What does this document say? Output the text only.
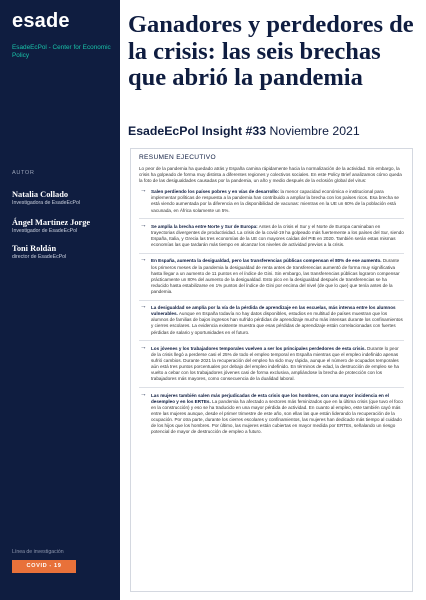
esade
EsadeEcPol - Center for Economic Policy
AUTOR
Natalia Collado
Investigadora de EsadeEcPol
Ángel Martínez Jorge
Investigador de EsadeEcPol
Toni Roldán
director de EsadeEcPol
Línea de investigación
COVID - 19
Ganadores y perdedores de la crisis: las seis brechas que abrió la pandemia
EsadeEcPol Insight #33 Noviembre 2021
RESUMEN EJECUTIVO

Lo peor de la pandemia ha quedado atrás y España camina rápidamente hacia la normalización de la actividad. Sin embargo, la crisis ha golpeado de forma muy distinta a diferentes regiones y colectivos sociales. En este Policy Brief analizamos cómo queda la foto de las desigualdades causadas por la pandemia, un año y medio después de la eclosión global del virus:

→ Salen perdiendo los países pobres y en vías de desarrollo: la menor capacidad económica e institucional para implementar políticas de respuesta a la pandemia han contribuido a ampliar la brecha con los países ricos. Esa brecha se está viendo aumentada por la diferencia en la disponibilidad de vacunas: mientras en la UE un 60% de la población está vacunada, en África solamente un 5%.
→ Se amplía la brecha entre Norte y Sur de Europa: Antes de la crisis el Sur y el Norte de Europa caminaban en trayectorias divergentes de productividad. La crisis de la covid-19 ha golpeado más fuertemente a los países del Sur, siendo España, Italia, y Grecia las tres economías de la UE con mayores caídas del PIB en 2020. También serán estas mismas economías las que tardarán más tiempo en alcanzar los niveles de actividad previos a la crisis.
→ En España, aumenta la desigualdad, pero las transferencias públicas compensan el 80% de ese aumento. Durante los primeros meses de la pandemia la desigualdad de renta antes de transferencias aumentó de forma muy significativa hasta llegar a un aumento de 11 puntos en el índice de Gini. Sin embargo, las transferencias públicas lograron compensar prácticamente un 80% del aumento de la desigualdad. Esto pico en la desigualdad después de transferencias se ha reducido hasta estabilizarse en 1% puntos del índice de Gini por encima del nivel (de que lo que) que tenía antes de la pandemia.
→ La desigualdad se amplía por la vía de la pérdida de aprendizaje en las escuelas, más intensa entre los alumnos vulnerables. Aunque en España todavía no hay datos disponibles, estudios en multitud de países muestran que los alumnos de familias de bajos ingresos han sufrido pérdidas de aprendizaje mucho más intensas durante los confinamientos y cierres escolares. La evidencia existente muestra que esas pérdidas de aprendizaje están correlacionadas con fuertes pérdidas de salario y oportunidades en el futuro.
→ Los jóvenes y los trabajadores temporales vuelven a ser los principales perdedores de esta crisis. Durante lo peor de la crisis llegó a perderse casi el 25% de todo el empleo temporal en España mientras que el empleo indefinido apenas sufrió cambios. Durante 2021 la recuperación del empleo ha sido muy rápida, aunque el número de ocupados temporales aún está tres puntos porcentuales por debajo del empleo indefinido. En términos de edad, la destrucción de empleo se ha vuelto a cebar con los trabajadores jóvenes casi de forma exclusiva, ampliándose la brecha de protección con los trabajadores más mayores, como consecuencia de la dualidad laboral.
→ Las mujeres también salen más perjudicadas de esta crisis que los hombres, con una mayor incidencia en el desempleo y en los ERTEs. La pandemia ha afectado a sectores más feminizados que en la última crisis (que tuvo el foco en la construcción) y eso se ha traducido en una mayor pérdida de actividad. En cuanto al empleo, este también cayó más entre las mujeres aunque, desde el primer trimestre de este año, son ellas las que están liderando la recuperación de la ocupación. Por otra parte, durante los cierres escolares y confinamientos, las mujeres han dedicado más tiempo al cuidado de los hijos que los hombres. Por último, las mujeres están cubiertas en mayor medida por ERTEs, señalando un riesgo potencial de mayor de destrucción de empleo a futuro.
